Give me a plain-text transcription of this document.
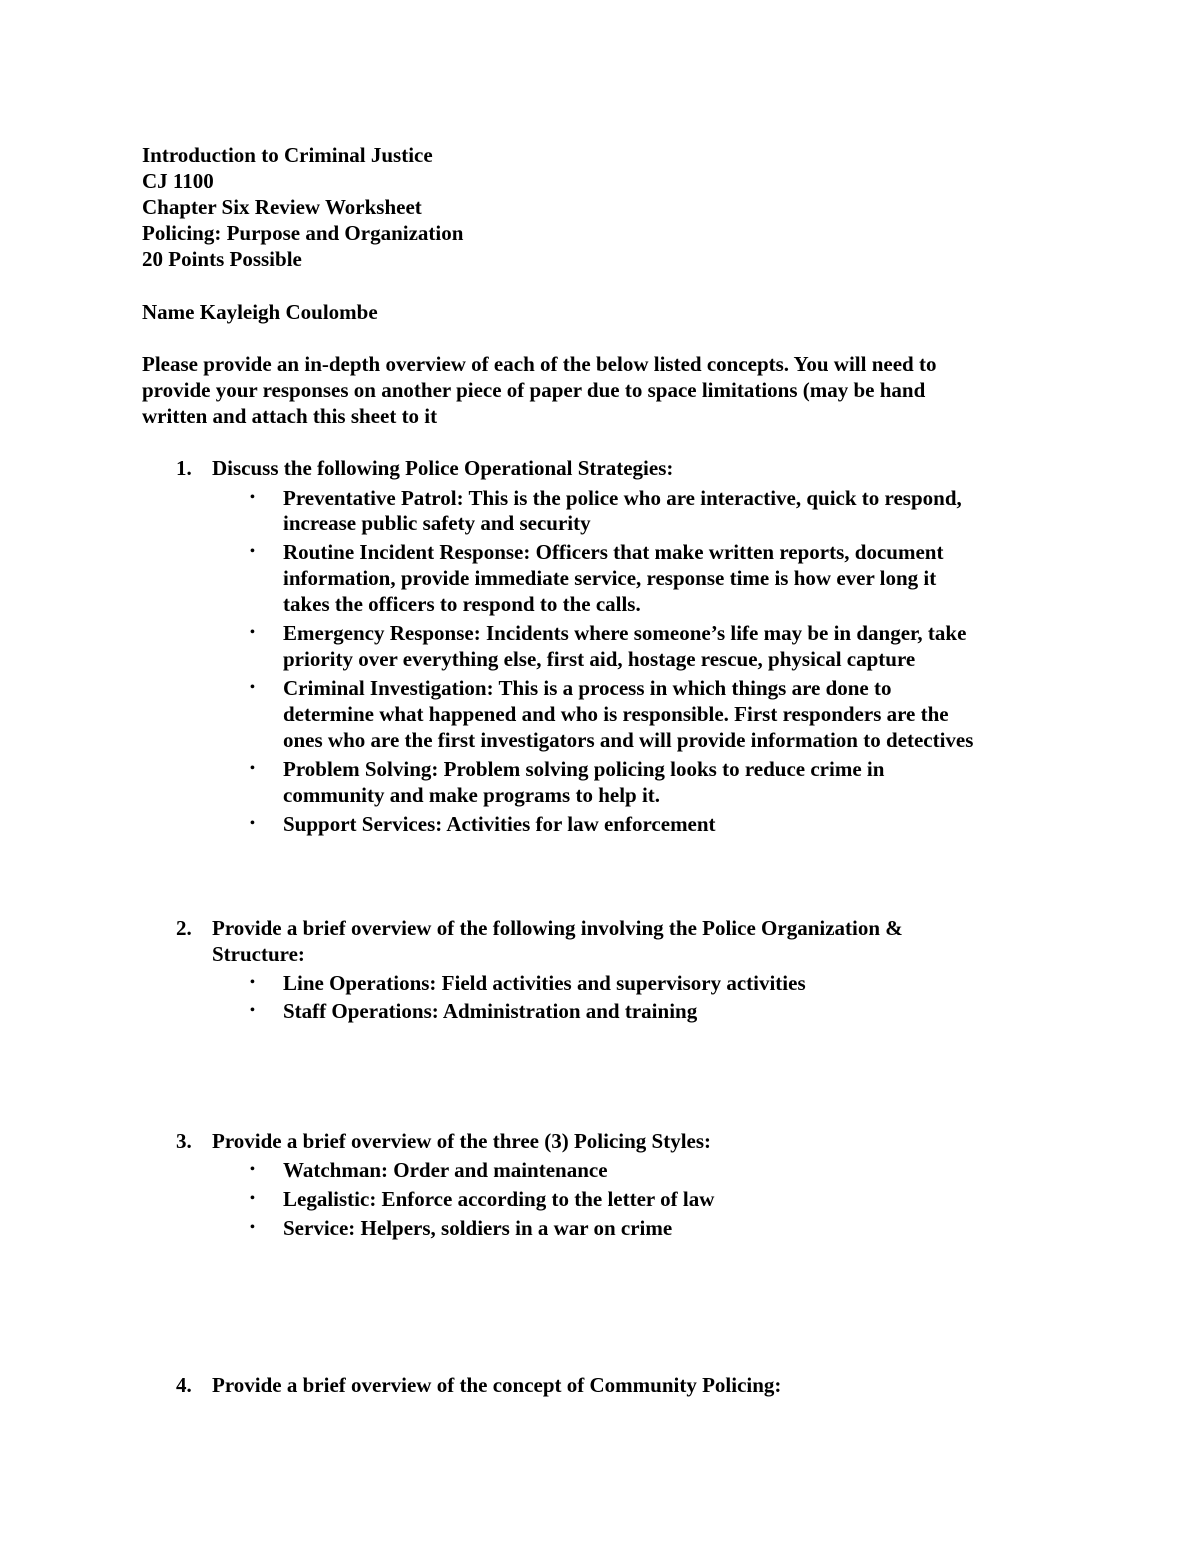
Introduction to Criminal Justice
CJ 1100
Chapter Six Review Worksheet
Policing: Purpose and Organization
20 Points Possible
Name Kayleigh Coulombe
Please provide an in-depth overview of each of the below listed concepts. You will need to
provide your responses on another piece of paper due to space limitations (may be hand
written and attach this sheet to it
1. Discuss the following Police Operational Strategies:
• Preventative Patrol: This is the police who are interactive, quick to respond,
increase public safety and security
• Routine Incident Response: Officers that make written reports, document
information, provide immediate service, response time is how ever long it
takes the officers to respond to the calls.
• Emergency Response: Incidents where someone’s life may be in danger, take
priority over everything else, first aid, hostage rescue, physical capture
• Criminal Investigation: This is a process in which things are done to
determine what happened and who is responsible. First responders are the
ones who are the first investigators and will provide information to detectives
• Problem Solving: Problem solving policing looks to reduce crime in
community and make programs to help it.
• Support Services: Activities for law enforcement
2. Provide a brief overview of the following involving the Police Organization &
Structure:
• Line Operations: Field activities and supervisory activities
• Staff Operations: Administration and training
3. Provide a brief overview of the three (3) Policing Styles:
• Watchman: Order and maintenance
• Legalistic: Enforce according to the letter of law
• Service: Helpers, soldiers in a war on crime
4. Provide a brief overview of the concept of Community Policing:
